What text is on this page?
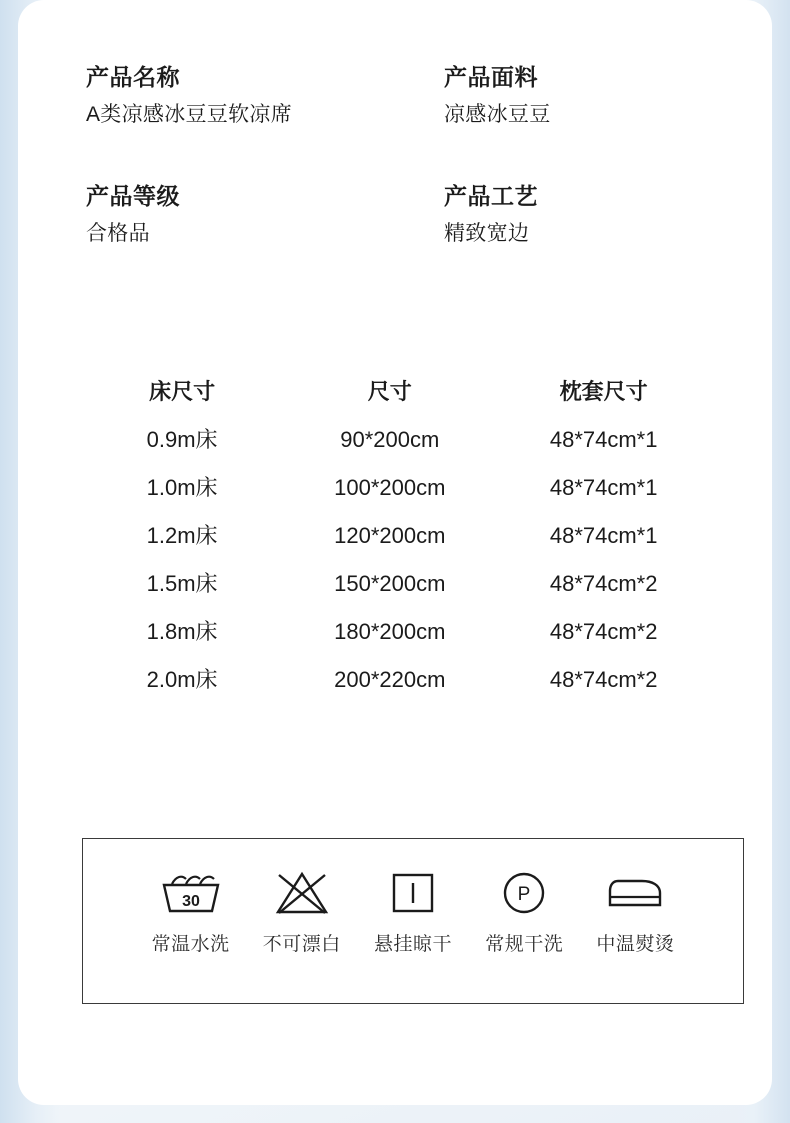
产品名称
A类凉感冰豆豆软凉席
产品面料
凉感冰豆豆
产品等级
合格品
产品工艺
精致宽边
床尺寸	尺寸	枕套尺寸
0.9m床	90*200cm	48*74cm*1
1.0m床	100*200cm	48*74cm*1
1.2m床	120*200cm	48*74cm*1
1.5m床	150*200cm	48*74cm*2
1.8m床	180*200cm	48*74cm*2
2.0m床	200*220cm	48*74cm*2
30	P
常温水洗	不可漂白	悬挂晾干	常规干洗	中温熨烫
